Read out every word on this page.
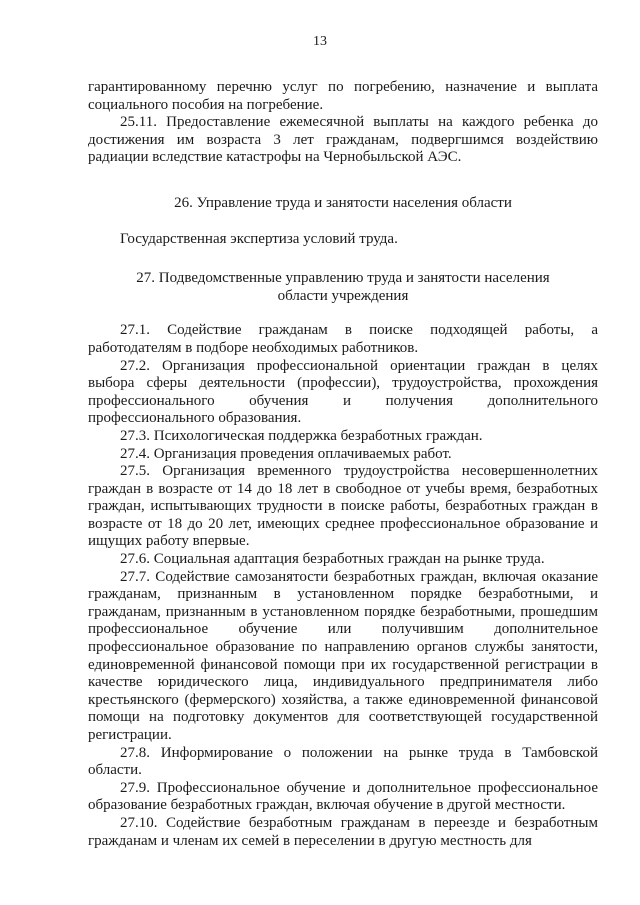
13

гарантированному перечню услуг по погребению, назначение и выплата социального пособия на погребение.

25.11. Предоставление ежемесячной выплаты на каждого ребенка до достижения им возраста 3 лет гражданам, подвергшимся воздействию радиации вследствие катастрофы на Чернобыльской АЭС.

26. Управление труда и занятости населения области

Государственная экспертиза условий труда.

27. Подведомственные управлению труда и занятости населения

области учреждения

27.1. Содействие гражданам в поиске подходящей работы, а работодателям в подборе необходимых работников.

27.2. Организация профессиональной ориентации граждан в целях выбора сферы деятельности (профессии), трудоустройства, прохождения профессионального обучения и получения дополнительного профессионального образования.

27.3. Психологическая поддержка безработных граждан.

27.4. Организация проведения оплачиваемых работ.

27.5. Организация временного трудоустройства несовершеннолетних граждан в возрасте от 14 до 18 лет в свободное от учебы время, безработных граждан, испытывающих трудности в поиске работы, безработных граждан в возрасте от 18 до 20 лет, имеющих среднее профессиональное образование и ищущих работу впервые.

27.6. Социальная адаптация безработных граждан на рынке труда.

27.7. Содействие самозанятости безработных граждан, включая оказание гражданам, признанным в установленном порядке безработными, и гражданам, признанным в установленном порядке безработными, прошедшим профессиональное обучение или получившим дополнительное профессиональное образование по направлению органов службы занятости, единовременной финансовой помощи при их государственной регистрации в качестве юридического лица, индивидуального предпринимателя либо крестьянского (фермерского) хозяйства, а также единовременной финансовой помощи на подготовку документов для соответствующей государственной регистрации.

27.8. Информирование о положении на рынке труда в Тамбовской области.

27.9. Профессиональное обучение и дополнительное профессиональное образование безработных граждан, включая обучение в другой местности.

27.10. Содействие безработным гражданам в переезде и безработным гражданам и членам их семей в переселении в другую местность для
